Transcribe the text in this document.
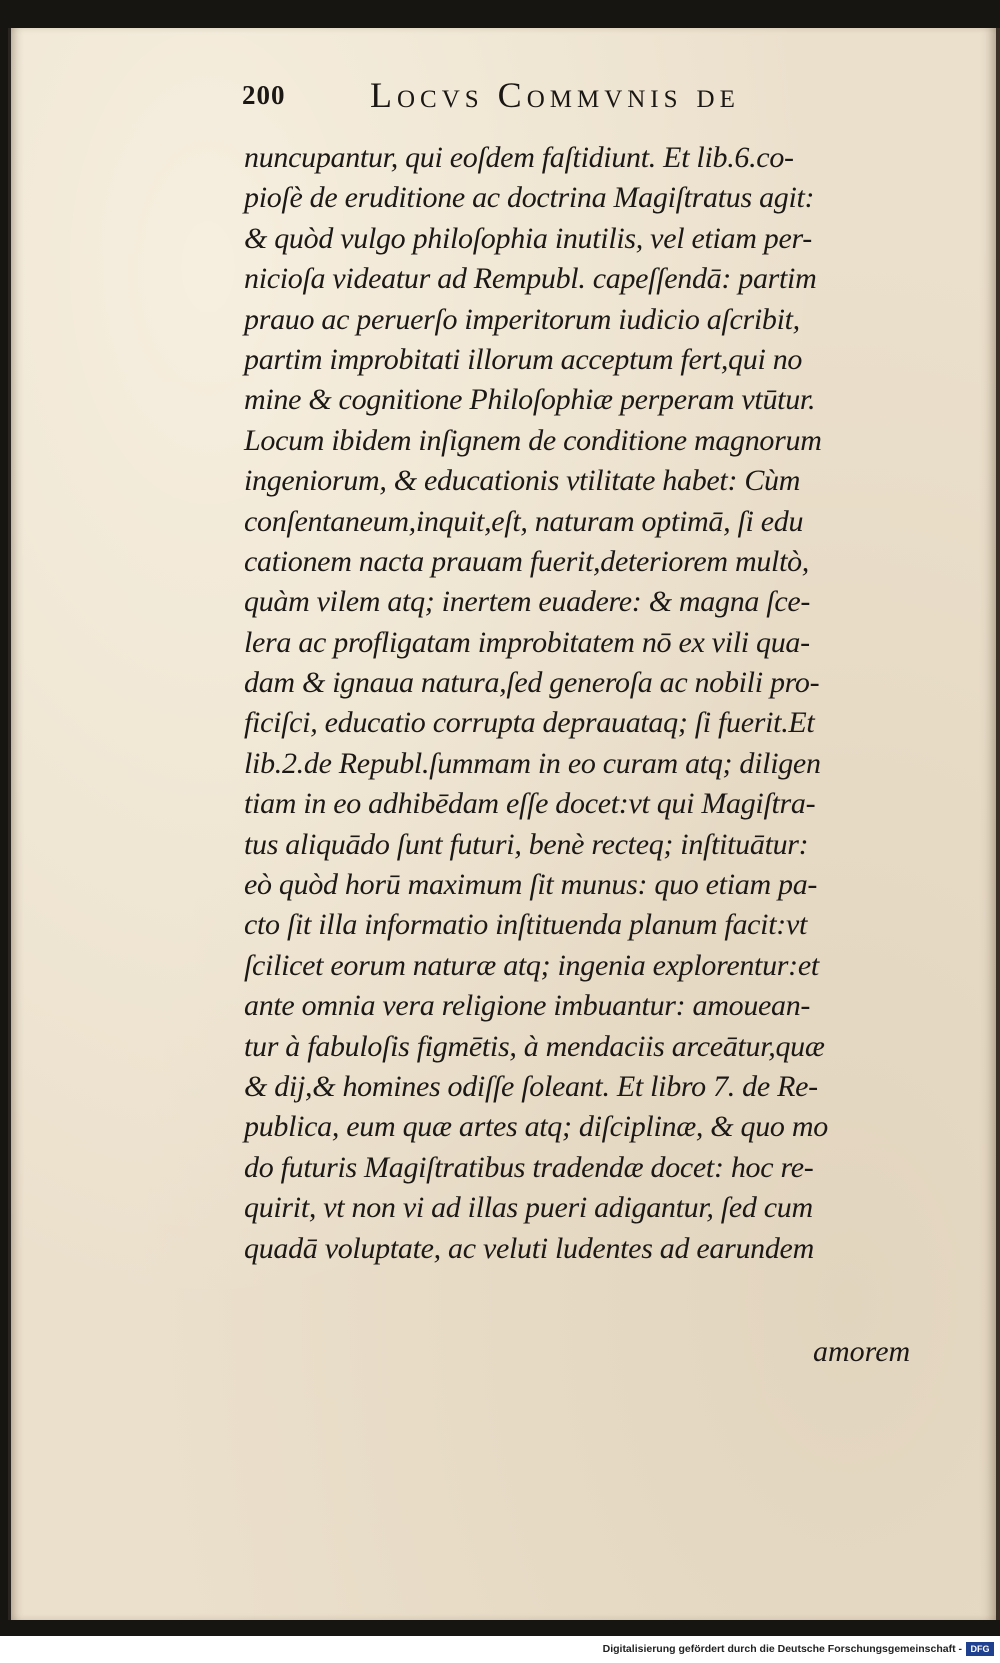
200 Locvs Commvnis de
nuncupantur, qui eoſdem faſtidiunt. Et lib.6.co-
pioſè de eruditione ac doctrina Magiſtratus agit:
& quòd vulgo philoſophia inutilis, vel etiam per-
nicioſa videatur ad Rempubl. capeſſendā: partim
prauo ac peruerſo imperitorum iudicio aſcribit,
partim improbitati illorum acceptum fert,qui no
mine & cognitione Philoſophiæ perperam vtūtur.
Locum ibidem inſignem de conditione magnorum
ingeniorum, & educationis vtilitate habet: Cùm
conſentaneum,inquit,eſt, naturam optimā, ſi edu
cationem nacta prauam fuerit,deteriorem multò,
quàm vilem atq; inertem euadere: & magna ſce-
lera ac profligatam improbitatem nō ex vili qua-
dam & ignaua natura,ſed generoſa ac nobili pro-
ficiſci, educatio corrupta deprauataq; ſi fuerit.Et
lib.2.de Republ.ſummam in eo curam atq; diligen
tiam in eo adhibēdam eſſe docet:vt qui Magiſtra-
tus aliquādo ſunt futuri, benè recteq; inſtituātur:
eò quòd horū maximum ſit munus: quo etiam pa-
cto ſit illa informatio inſtituenda planum facit:vt
ſcilicet eorum naturæ atq; ingenia explorentur:et
ante omnia vera religione imbuantur: amouean-
tur à fabuloſis figmētis, à mendaciis arceātur,quæ
& dij,& homines odiſſe ſoleant. Et libro 7. de Re-
publica, eum quæ artes atq; diſciplinæ, & quo mo
do futuris Magiſtratibus tradendæ docet: hoc re-
quirit, vt non vi ad illas pueri adigantur, ſed cum
quadā voluptate, ac veluti ludentes ad earundem
amorem
Digitalisierung gefördert durch die Deutsche Forschungsgemeinschaft - DFG
